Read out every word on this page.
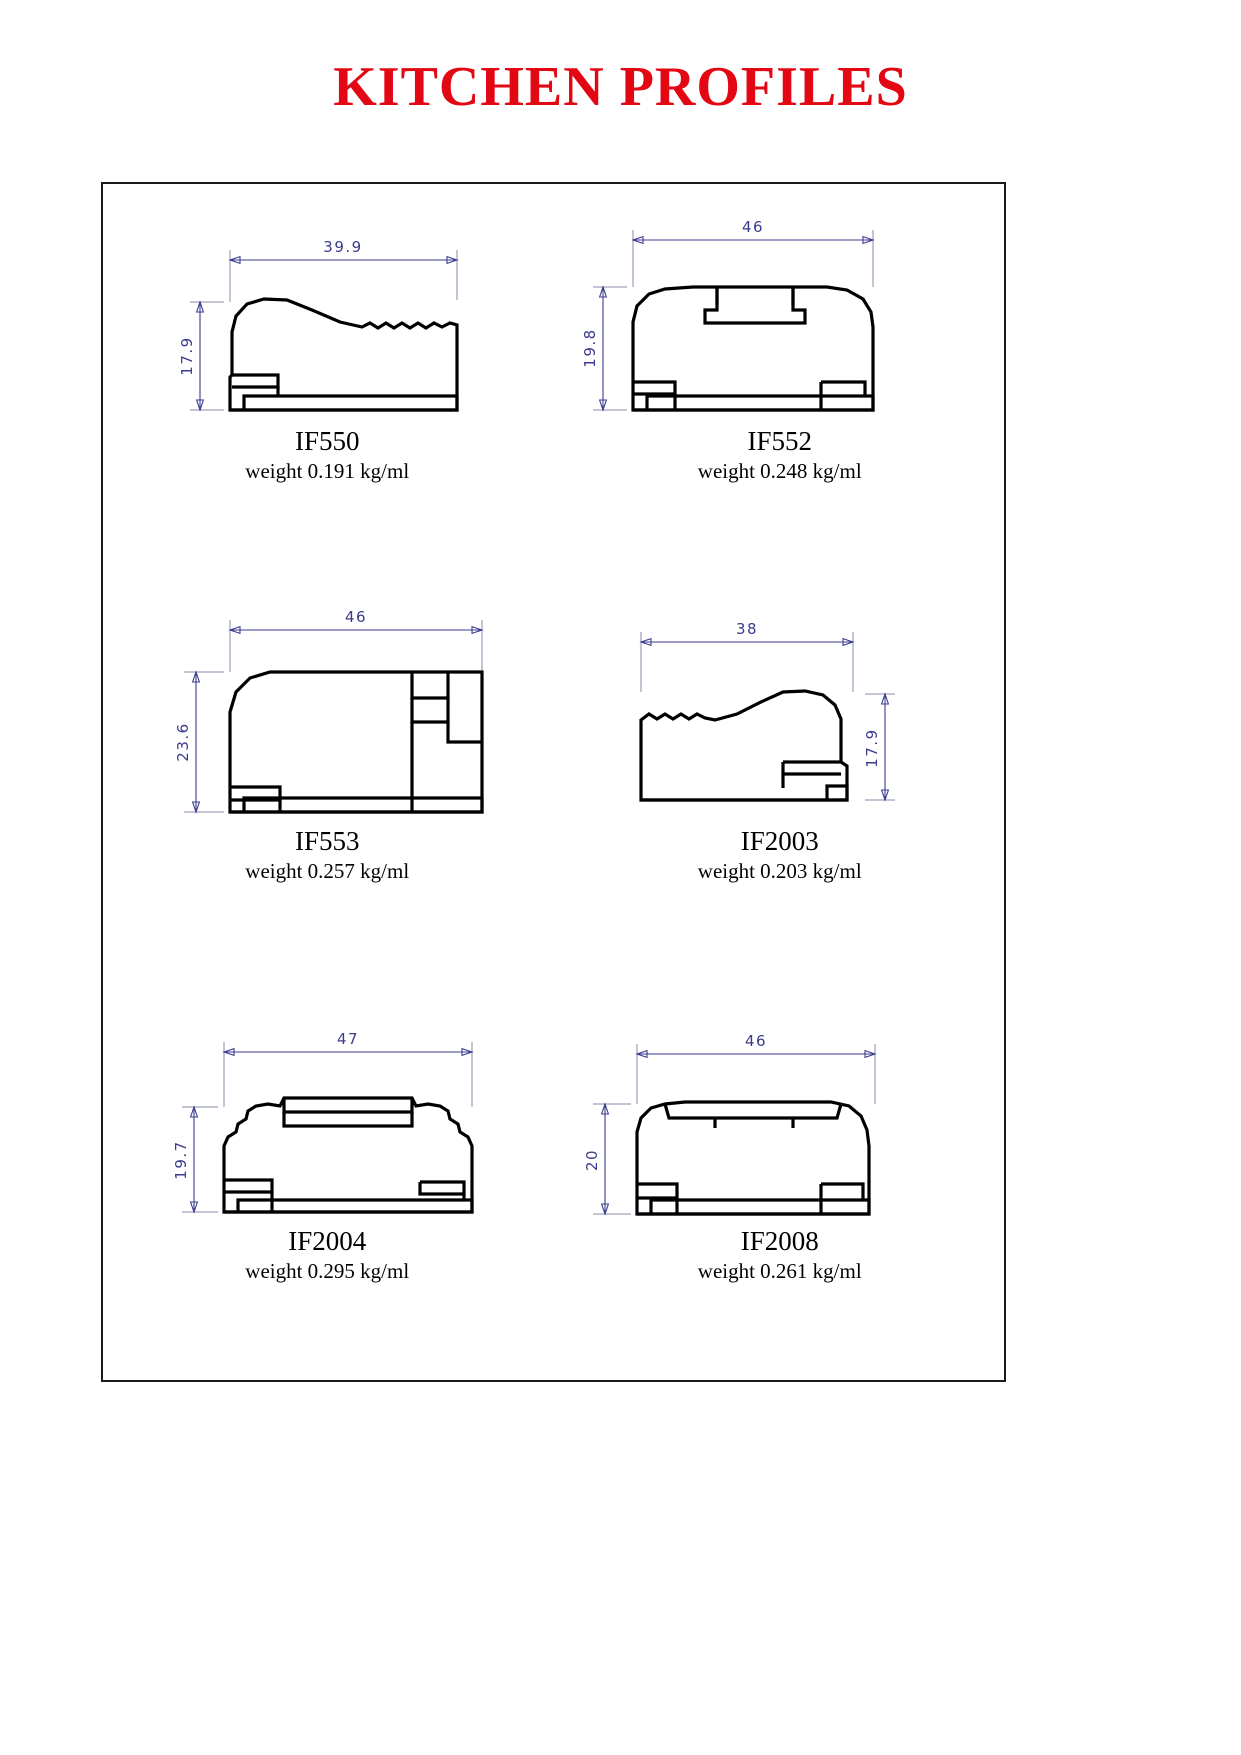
KITCHEN PROFILES
39.9
17.9
IF550
weight 0.191 kg/ml
46
19.8
IF552
weight 0.248 kg/ml
46
23.6
IF553
weight 0.257 kg/ml
38
17.9
IF2003
weight 0.203 kg/ml
47
19.7
IF2004
weight 0.295 kg/ml
46
20
IF2008
weight 0.261 kg/ml
